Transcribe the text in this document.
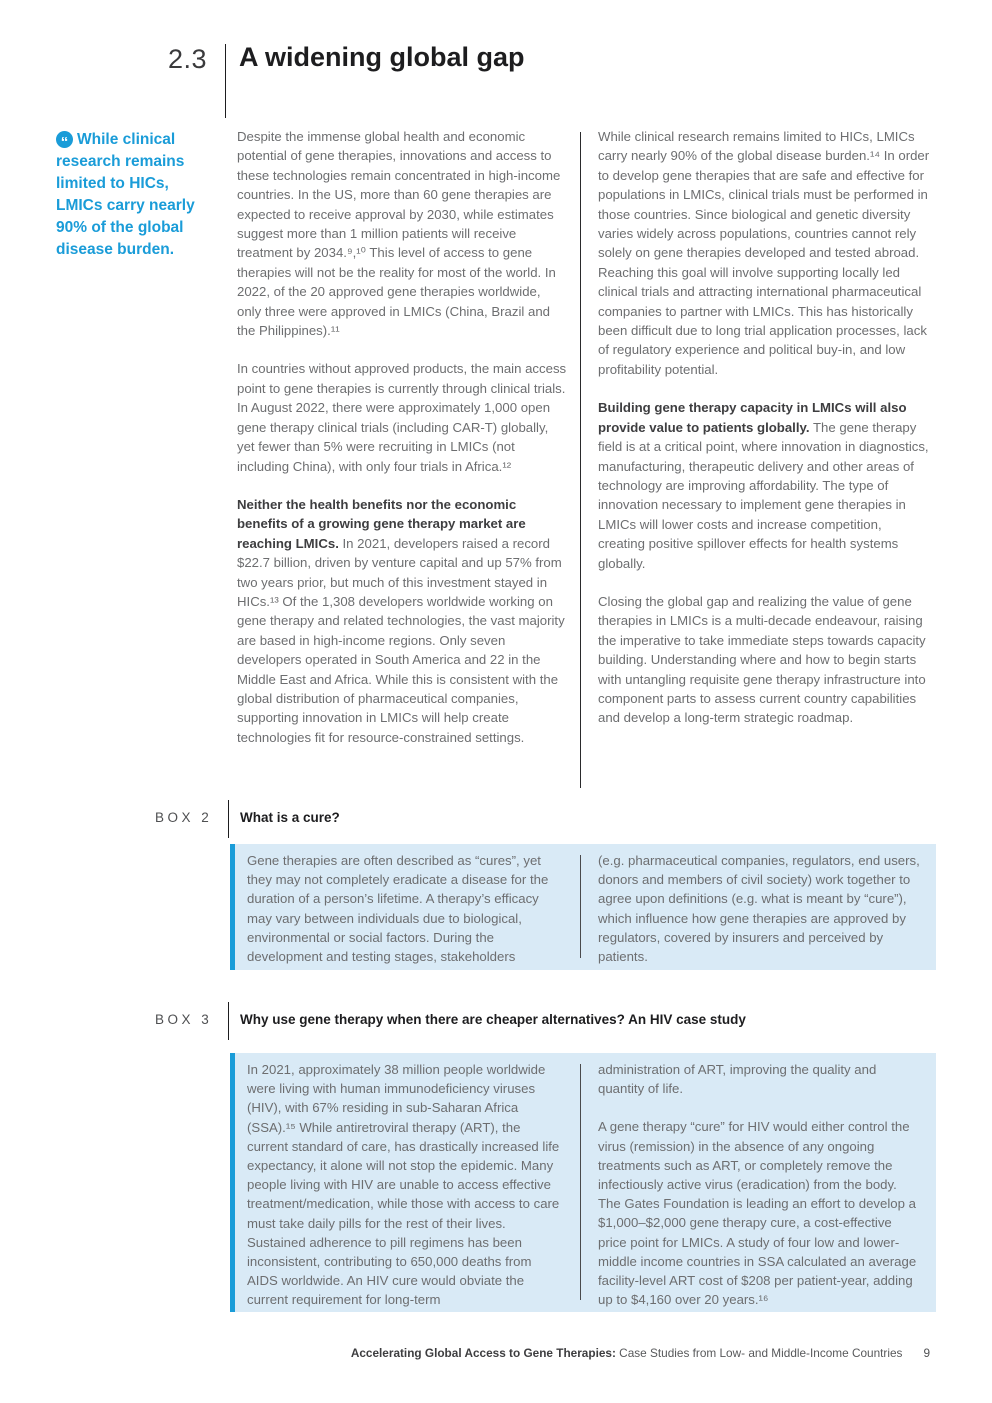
2.3 A widening global gap
“ While clinical research remains limited to HICs, LMICs carry nearly 90% of the global disease burden.

Despite the immense global health and economic potential of gene therapies, innovations and access to these technologies remain concentrated in high-income countries. In the US, more than 60 gene therapies are expected to receive approval by 2030, while estimates suggest more than 1 million patients will receive treatment by 2034.⁹,¹⁰ This level of access to gene therapies will not be the reality for most of the world. In 2022, of the 20 approved gene therapies worldwide, only three were approved in LMICs (China, Brazil and the Philippines).¹¹

In countries without approved products, the main access point to gene therapies is currently through clinical trials. In August 2022, there were approximately 1,000 open gene therapy clinical trials (including CAR-T) globally, yet fewer than 5% were recruiting in LMICs (not including China), with only four trials in Africa.¹²

Neither the health benefits nor the economic benefits of a growing gene therapy market are reaching LMICs. In 2021, developers raised a record $22.7 billion, driven by venture capital and up 57% from two years prior, but much of this investment stayed in HICs.¹³ Of the 1,308 developers worldwide working on gene therapy and related technologies, the vast majority are based in high-income regions. Only seven developers operated in South America and 22 in the Middle East and Africa. While this is consistent with the global distribution of pharmaceutical companies, supporting innovation in LMICs will help create technologies fit for resource-constrained settings.

While clinical research remains limited to HICs, LMICs carry nearly 90% of the global disease burden.¹⁴ In order to develop gene therapies that are safe and effective for populations in LMICs, clinical trials must be performed in those countries. Since biological and genetic diversity varies widely across populations, countries cannot rely solely on gene therapies developed and tested abroad. Reaching this goal will involve supporting locally led clinical trials and attracting international pharmaceutical companies to partner with LMICs. This has historically been difficult due to long trial application processes, lack of regulatory experience and political buy-in, and low profitability potential.

Building gene therapy capacity in LMICs will also provide value to patients globally. The gene therapy field is at a critical point, where innovation in diagnostics, manufacturing, therapeutic delivery and other areas of technology are improving affordability. The type of innovation necessary to implement gene therapies in LMICs will lower costs and increase competition, creating positive spillover effects for health systems globally.

Closing the global gap and realizing the value of gene therapies in LMICs is a multi-decade endeavour, raising the imperative to take immediate steps towards capacity building. Understanding where and how to begin starts with untangling requisite gene therapy infrastructure into component parts to assess current country capabilities and develop a long-term strategic roadmap.

BOX 2 What is a cure?

Gene therapies are often described as “cures”, yet they may not completely eradicate a disease for the duration of a person’s lifetime. A therapy’s efficacy may vary between individuals due to biological, environmental or social factors. During the development and testing stages, stakeholders

(e.g. pharmaceutical companies, regulators, end users, donors and members of civil society) work together to agree upon definitions (e.g. what is meant by “cure”), which influence how gene therapies are approved by regulators, covered by insurers and perceived by patients.

BOX 3 Why use gene therapy when there are cheaper alternatives? An HIV case study

In 2021, approximately 38 million people worldwide were living with human immunodeficiency viruses (HIV), with 67% residing in sub-Saharan Africa (SSA).¹⁵ While antiretroviral therapy (ART), the current standard of care, has drastically increased life expectancy, it alone will not stop the epidemic. Many people living with HIV are unable to access effective treatment/medication, while those with access to care must take daily pills for the rest of their lives. Sustained adherence to pill regimens has been inconsistent, contributing to 650,000 deaths from AIDS worldwide. An HIV cure would obviate the current requirement for long-term

administration of ART, improving the quality and quantity of life.

A gene therapy “cure” for HIV would either control the virus (remission) in the absence of any ongoing treatments such as ART, or completely remove the infectiously active virus (eradication) from the body. The Gates Foundation is leading an effort to develop a $1,000–$2,000 gene therapy cure, a cost-effective price point for LMICs. A study of four low and lower-middle income countries in SSA calculated an average facility-level ART cost of $208 per patient-year, adding up to $4,160 over 20 years.¹⁶

Accelerating Global Access to Gene Therapies: Case Studies from Low- and Middle-Income Countries 9
